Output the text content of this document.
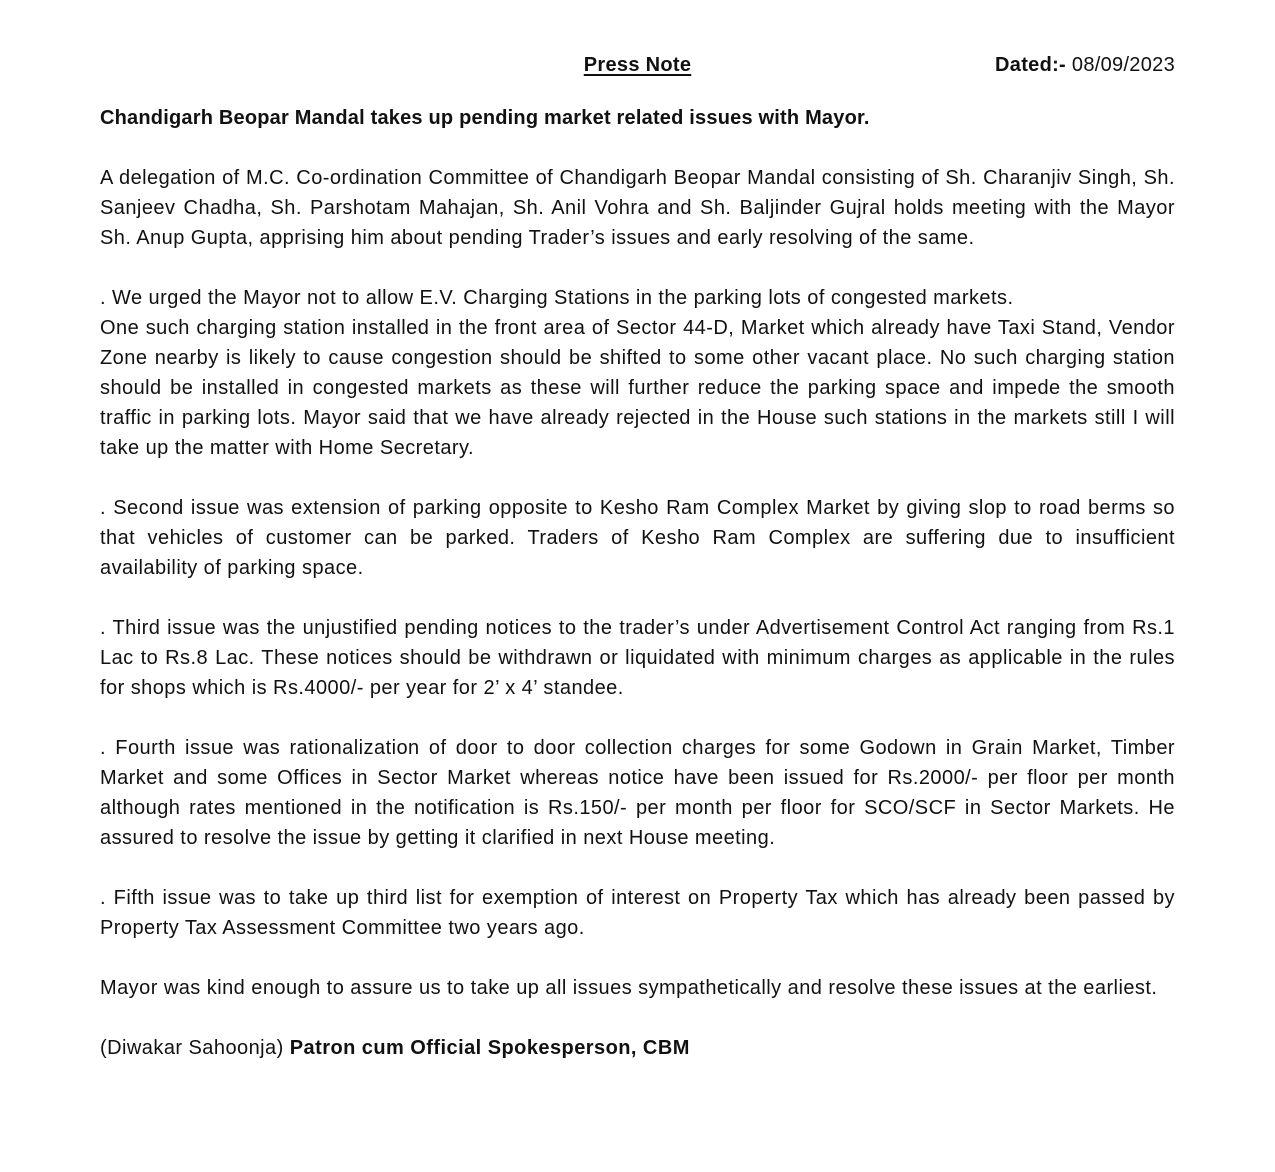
Press Note	Dated:- 08/09/2023
Chandigarh Beopar Mandal takes up pending market related issues with Mayor.

A delegation of M.C. Co-ordination Committee of Chandigarh Beopar Mandal consisting of Sh. Charanjiv Singh, Sh. Sanjeev Chadha, Sh. Parshotam Mahajan, Sh. Anil Vohra and Sh. Baljinder Gujral holds meeting with the Mayor Sh. Anup Gupta, apprising him about pending Trader’s issues and early resolving of the same.

. We urged the Mayor not to allow E.V. Charging Stations in the parking lots of congested markets.

One such charging station installed in the front area of Sector 44-D, Market which already have Taxi Stand, Vendor Zone nearby is likely to cause congestion should be shifted to some other vacant place. No such charging station should be installed in congested markets as these will further reduce the parking space and impede the smooth traffic in parking lots. Mayor said that we have already rejected in the House such stations in the markets still I will take up the matter with Home Secretary.

. Second issue was extension of parking opposite to Kesho Ram Complex Market by giving slop to road berms so that vehicles of customer can be parked. Traders of Kesho Ram Complex are suffering due to insufficient availability of parking space.

. Third issue was the unjustified pending notices to the trader’s under Advertisement Control Act ranging from Rs.1 Lac to Rs.8 Lac. These notices should be withdrawn or liquidated with minimum charges as applicable in the rules for shops which is Rs.4000/- per year for 2’ x 4’ standee.

. Fourth issue was rationalization of door to door collection charges for some Godown in Grain Market, Timber Market and some Offices in Sector Market whereas notice have been issued for Rs.2000/- per floor per month although rates mentioned in the notification is Rs.150/- per month per floor for SCO/SCF in Sector Markets. He assured to resolve the issue by getting it clarified in next House meeting.

. Fifth issue was to take up third list for exemption of interest on Property Tax which has already been passed by Property Tax Assessment Committee two years ago.

Mayor was kind enough to assure us to take up all issues sympathetically and resolve these issues at the earliest.

(Diwakar Sahoonja) Patron cum Official Spokesperson, CBM
